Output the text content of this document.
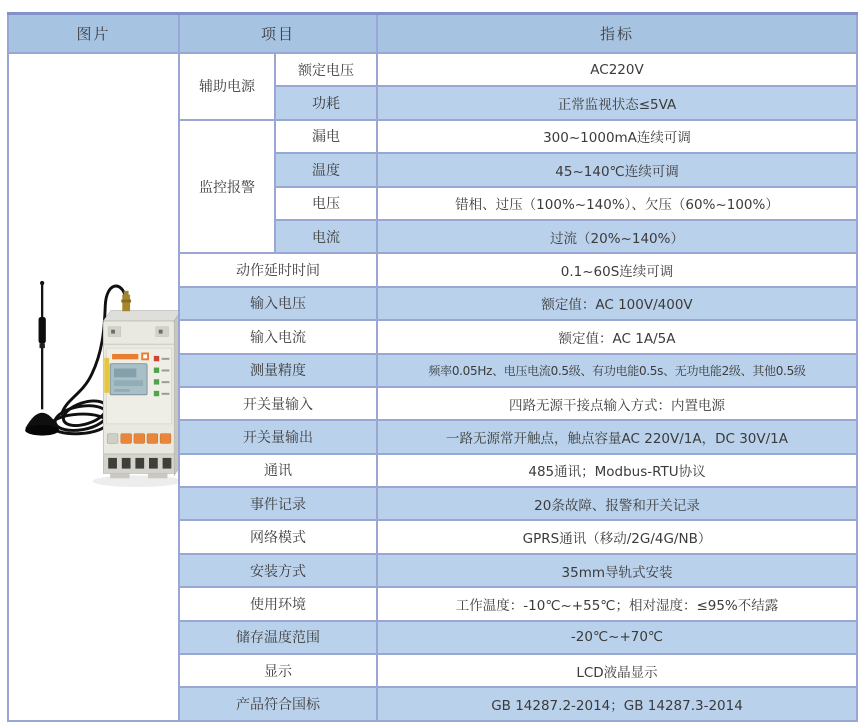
图片	项目		指标
	辅助电源	额定电压	AC220V
		功耗	正常监视状态≤5VA
	监控报警	漏电	300~1000mA连续可调
		温度	45~140℃连续可调
		电压	错相、过压（100%~140%）、欠压（60%~100%）
		电流	过流（20%~140%）
	动作延时时间		0.1~60S连续可调
	输入电压		额定值：AC 100V/400V
	输入电流		额定值：AC 1A/5A
	测量精度		频率0.05Hz、电压电流0.5级、有功电能0.5s、无功电能2级、其他0.5级
	开关量输入		四路无源干接点输入方式：内置电源
	开关量输出		一路无源常开触点，触点容量AC 220V/1A，DC 30V/1A
	通讯		485通讯；Modbus-RTU协议
	事件记录		20条故障、报警和开关记录
	网络模式		GPRS通讯（移动/2G/4G/NB）
	安装方式		35mm导轨式安装
	使用环境		工作温度：-10℃~+55℃；相对湿度：≤95%不结露
	储存温度范围		-20℃~+70℃
	显示		LCD液晶显示
	产品符合国标		GB 14287.2-2014；GB 14287.3-2014
